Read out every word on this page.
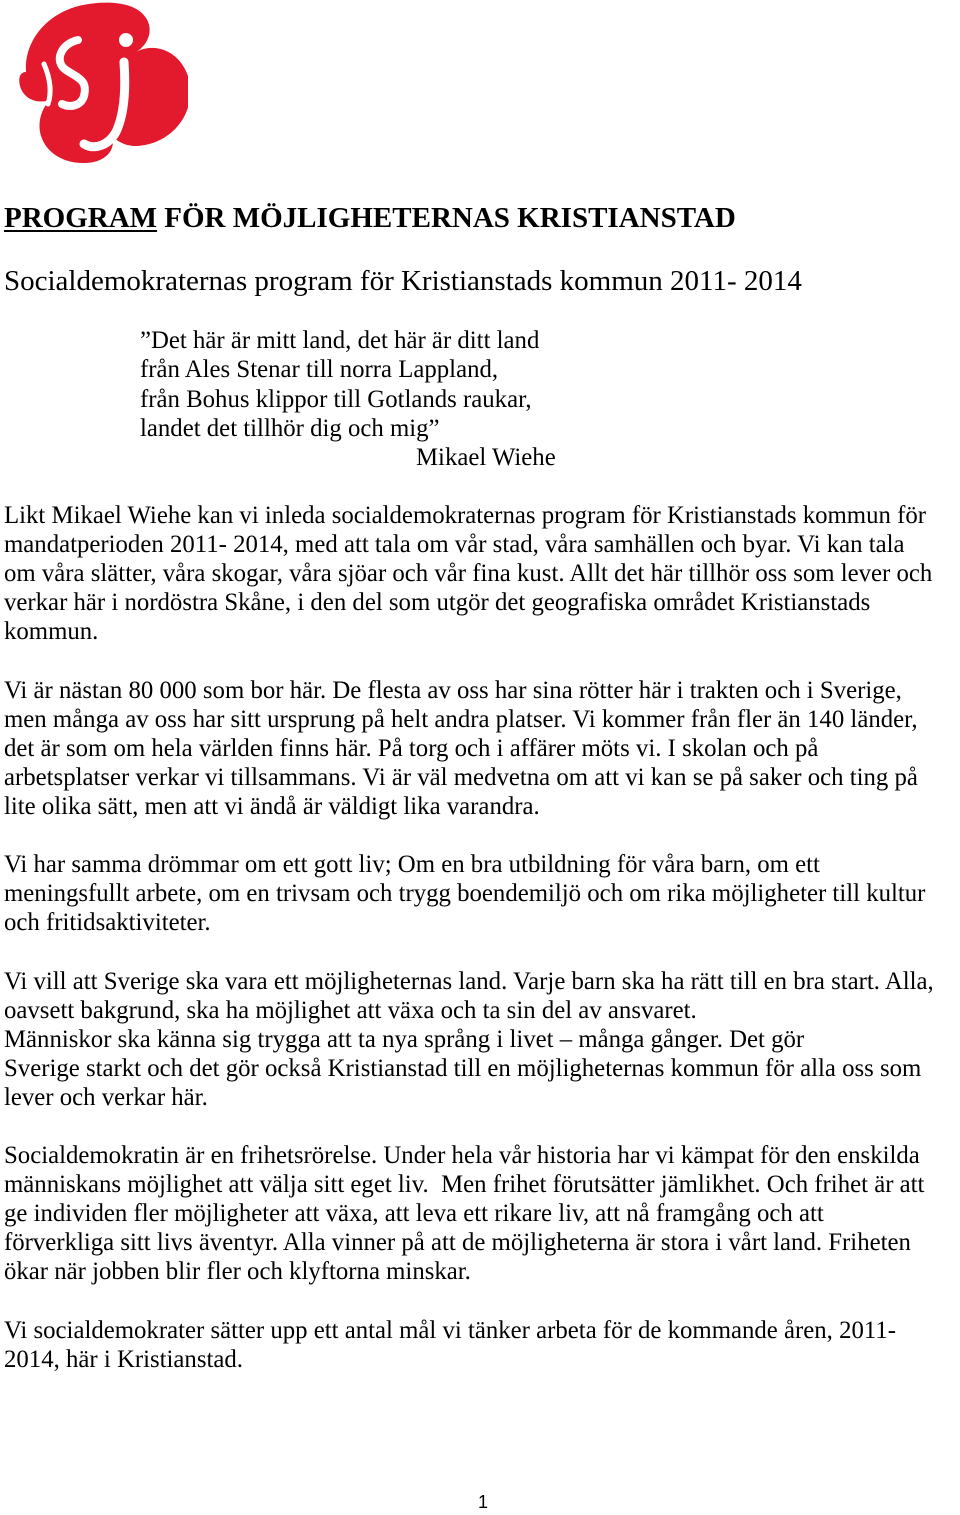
PROGRAM FÖR MÖJLIGHETERNAS KRISTIANSTAD
Socialdemokraternas program för Kristianstads kommun 2011- 2014
”Det här är mitt land, det här är ditt land
från Ales Stenar till norra Lappland,
från Bohus klippor till Gotlands raukar,
landet det tillhör dig och mig”
Mikael Wiehe
Likt Mikael Wiehe kan vi inleda socialdemokraternas program för Kristianstads kommun för
mandatperioden 2011- 2014, med att tala om vår stad, våra samhällen och byar. Vi kan tala
om våra slätter, våra skogar, våra sjöar och vår fina kust. Allt det här tillhör oss som lever och
verkar här i nordöstra Skåne, i den del som utgör det geografiska området Kristianstads
kommun.
Vi är nästan 80 000 som bor här. De flesta av oss har sina rötter här i trakten och i Sverige,
men många av oss har sitt ursprung på helt andra platser. Vi kommer från fler än 140 länder,
det är som om hela världen finns här. På torg och i affärer möts vi. I skolan och på
arbetsplatser verkar vi tillsammans. Vi är väl medvetna om att vi kan se på saker och ting på
lite olika sätt, men att vi ändå är väldigt lika varandra.
Vi har samma drömmar om ett gott liv; Om en bra utbildning för våra barn, om ett
meningsfullt arbete, om en trivsam och trygg boendemiljö och om rika möjligheter till kultur
och fritidsaktiviteter.
Vi vill att Sverige ska vara ett möjligheternas land. Varje barn ska ha rätt till en bra start. Alla,
oavsett bakgrund, ska ha möjlighet att växa och ta sin del av ansvaret.
Människor ska känna sig trygga att ta nya språng i livet – många gånger. Det gör
Sverige starkt och det gör också Kristianstad till en möjligheternas kommun för alla oss som
lever och verkar här.
Socialdemokratin är en frihetsrörelse. Under hela vår historia har vi kämpat för den enskilda
människans möjlighet att välja sitt eget liv.  Men frihet förutsätter jämlikhet. Och frihet är att
ge individen fler möjligheter att växa, att leva ett rikare liv, att nå framgång och att
förverkliga sitt livs äventyr. Alla vinner på att de möjligheterna är stora i vårt land. Friheten
ökar när jobben blir fler och klyftorna minskar.
Vi socialdemokrater sätter upp ett antal mål vi tänker arbeta för de kommande åren, 2011-
2014, här i Kristianstad.
1
